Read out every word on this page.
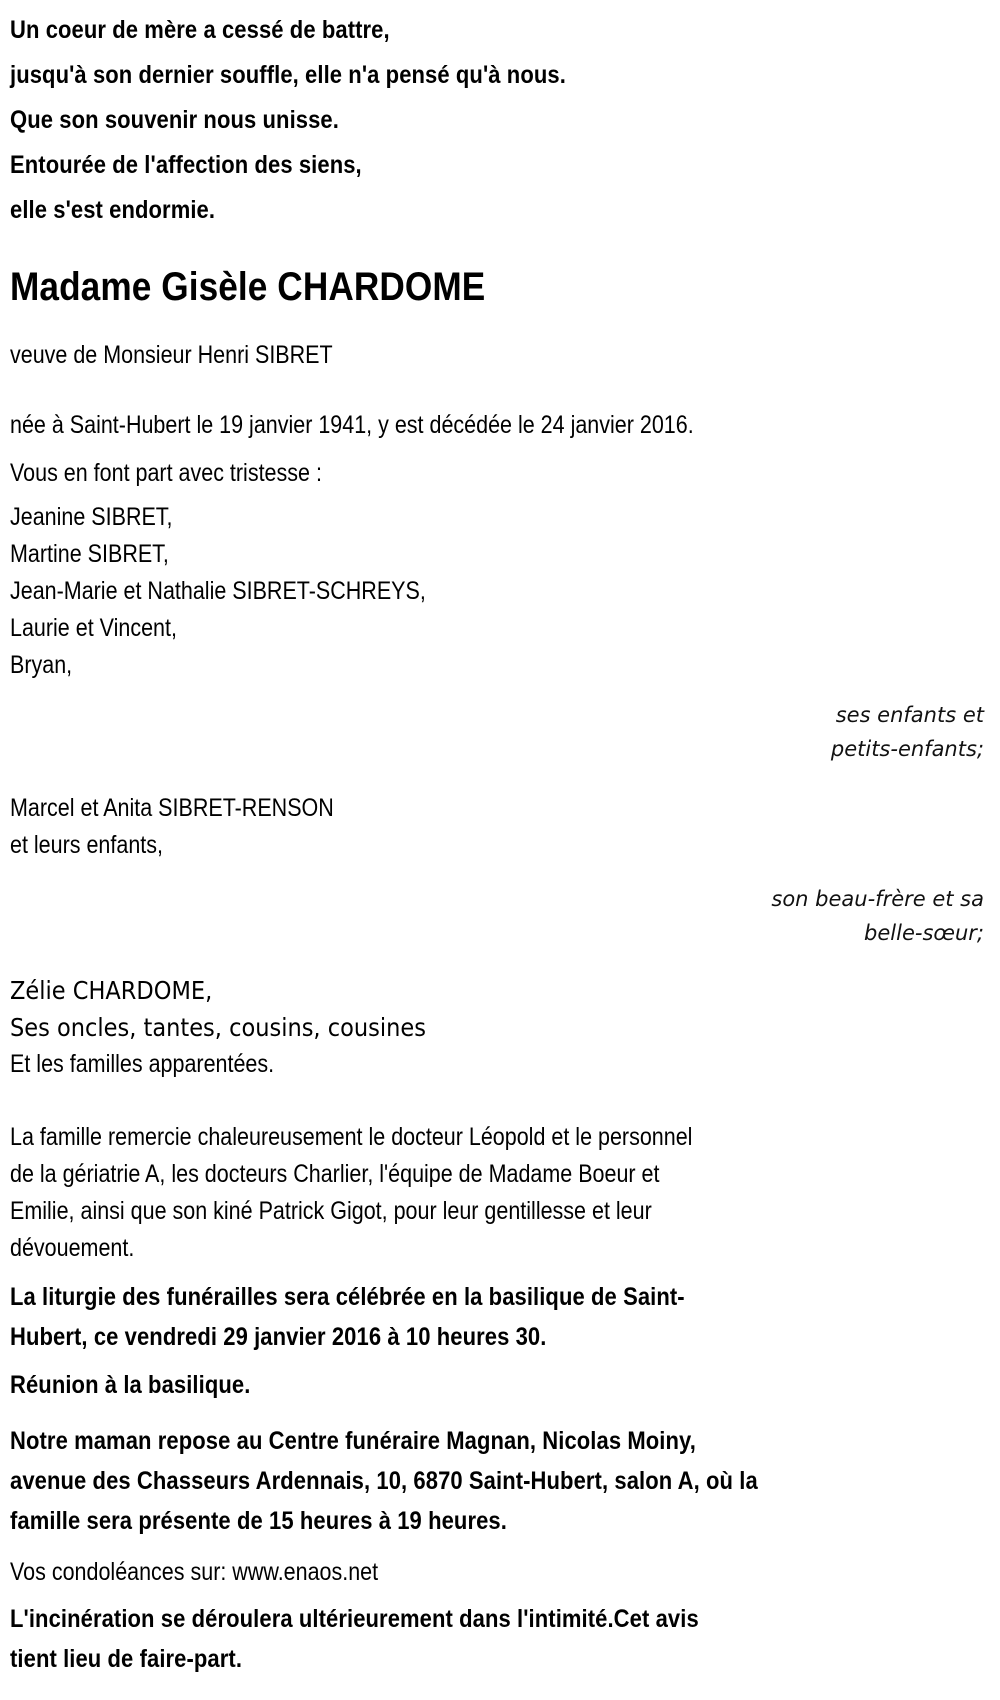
Un coeur de mère a cessé de battre,
jusqu'à son dernier souffle, elle n'a pensé qu'à nous.
Que son souvenir nous unisse.
Entourée de l'affection des siens,
elle s'est endormie.
Madame Gisèle CHARDOME
veuve de Monsieur Henri SIBRET
née à Saint-Hubert le 19 janvier 1941, y est décédée le 24 janvier 2016.
Vous en font part avec tristesse :
Jeanine SIBRET,
Martine SIBRET,
Jean-Marie et Nathalie SIBRET-SCHREYS,
Laurie et Vincent,
Bryan,
ses enfants et
petits-enfants;
Marcel et Anita SIBRET-RENSON
et leurs enfants,
son beau-frère et sa
belle-sœur;
Zélie CHARDOME,
Ses oncles, tantes, cousins, cousines
Et les familles apparentées.
La famille remercie chaleureusement le docteur Léopold et le personnel
de la gériatrie A, les docteurs Charlier, l'équipe de Madame Boeur et
Emilie, ainsi que son kiné Patrick Gigot, pour leur gentillesse et leur
dévouement.
La liturgie des funérailles sera célébrée en la basilique de Saint-
Hubert, ce vendredi 29 janvier 2016 à 10 heures 30.
Réunion à la basilique.
Notre maman repose au Centre funéraire Magnan, Nicolas Moiny,
avenue des Chasseurs Ardennais, 10, 6870 Saint-Hubert, salon A, où la
famille sera présente de 15 heures à 19 heures.
Vos condoléances sur: www.enaos.net
L'incinération se déroulera ultérieurement dans l'intimité.Cet avis
tient lieu de faire-part.
